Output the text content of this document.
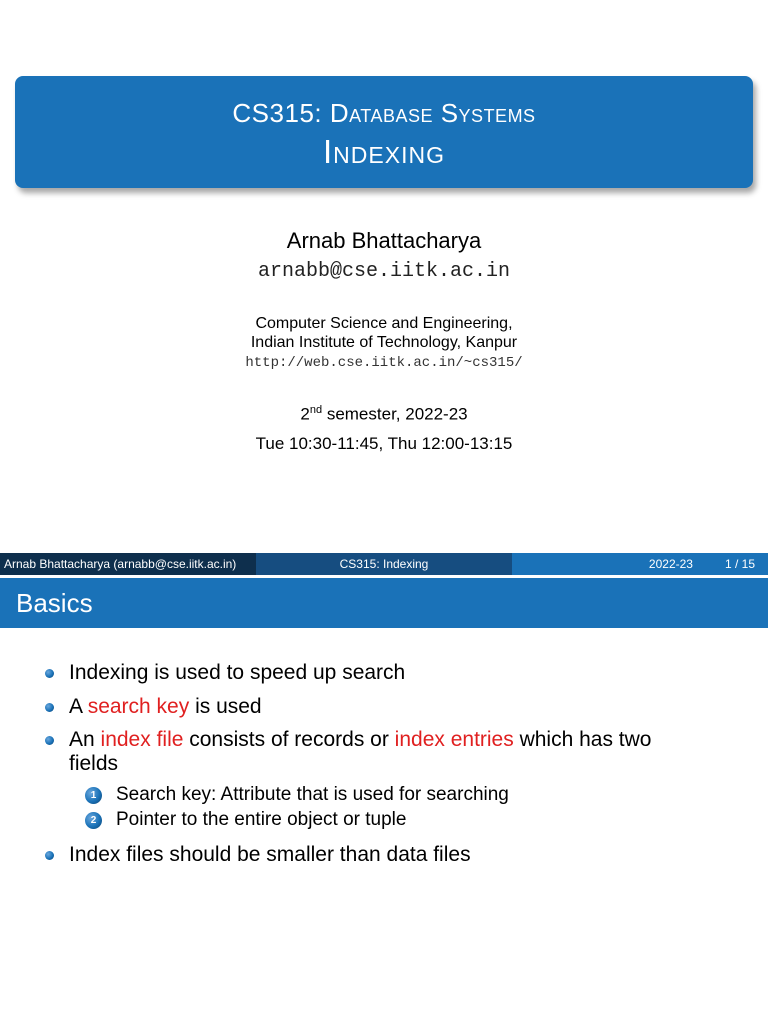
CS315: Database Systems
Indexing
Arnab Bhattacharya
arnabb@cse.iitk.ac.in
Computer Science and Engineering,
Indian Institute of Technology, Kanpur
http://web.cse.iitk.ac.in/~cs315/
2nd semester, 2022-23
Tue 10:30-11:45, Thu 12:00-13:15
Arnab Bhattacharya (arnabb@cse.iitk.ac.in)	CS315: Indexing	2022-23	1 / 15
Basics
Indexing is used to speed up search
A search key is used
An index file consists of records or index entries which has two
fields
1	Search key: Attribute that is used for searching
2	Pointer to the entire object or tuple
Index files should be smaller than data files
